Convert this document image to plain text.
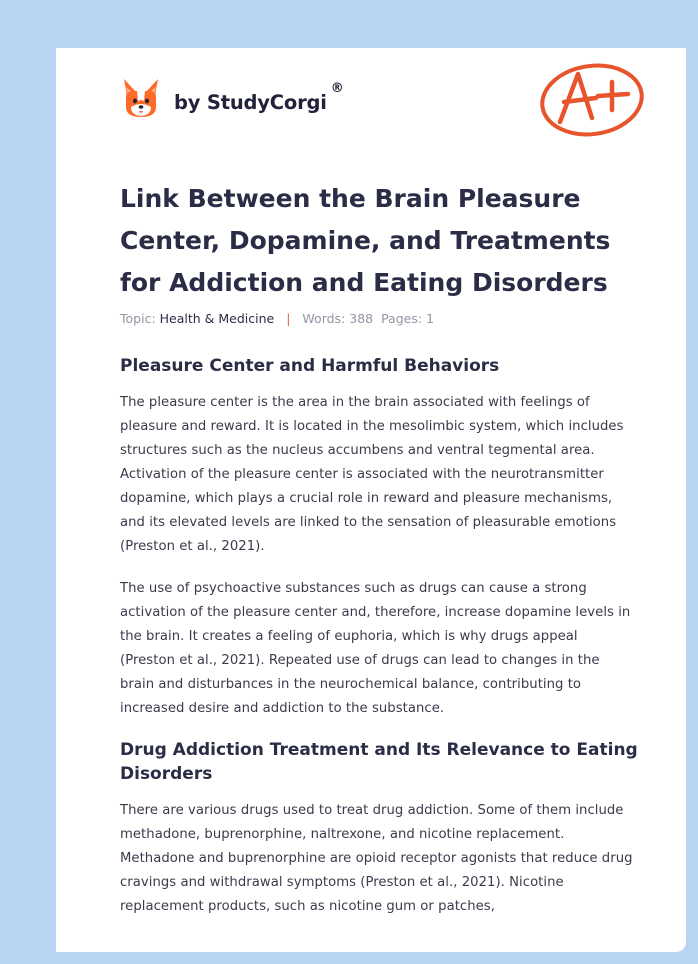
by StudyCorgi®
Link Between the Brain Pleasure Center, Dopamine, and Treatments for Addiction and Eating Disorders
Topic: Health & Medicine | Words: 388 Pages: 1
Pleasure Center and Harmful Behaviors

The pleasure center is the area in the brain associated with feelings of pleasure and reward. It is located in the mesolimbic system, which includes structures such as the nucleus accumbens and ventral tegmental area. Activation of the pleasure center is associated with the neurotransmitter dopamine, which plays a crucial role in reward and pleasure mechanisms, and its elevated levels are linked to the sensation of pleasurable emotions (Preston et al., 2021).

The use of psychoactive substances such as drugs can cause a strong activation of the pleasure center and, therefore, increase dopamine levels in the brain. It creates a feeling of euphoria, which is why drugs appeal (Preston et al., 2021). Repeated use of drugs can lead to changes in the brain and disturbances in the neurochemical balance, contributing to increased desire and addiction to the substance.

Drug Addiction Treatment and Its Relevance to Eating Disorders

There are various drugs used to treat drug addiction. Some of them include methadone, buprenorphine, naltrexone, and nicotine replacement. Methadone and buprenorphine are opioid receptor agonists that reduce drug cravings and withdrawal symptoms (Preston et al., 2021). Nicotine replacement products, such as nicotine gum or patches,
